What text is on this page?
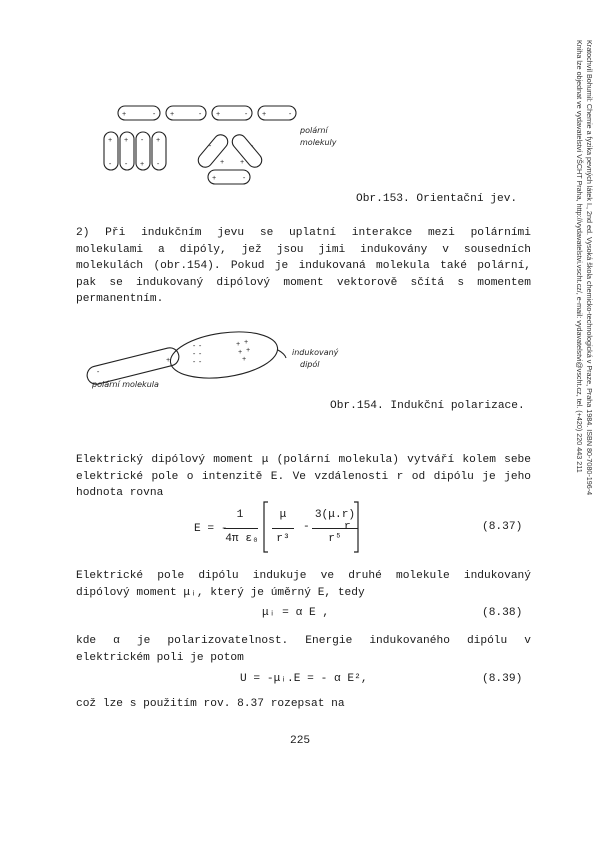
Kratochvíl Bohumil: Chemie a fyzika pevných látek I., 2nd ed. Vysoká škola chemicko-technologická v Praze, Praha 1984. ISBN 80-7080-196-4
Kniha lze objednat ve vydavatelství VŠCHT Praha, http://vydavatelstvi.vscht.cz/, e-mail: vydavatelstvi@vscht.cz, tel. (+420) 220 443 211
+	- +	- +	- +	-
+
-
+
-
-
+
+
-
-
+
-
+
+	-
polární
molekuly
Obr.153. Orientační jev.

2) Při indukčním jevu se uplatní interakce mezi polárními molekulami a dipóly, jež jsou jimi indukovány v sousedních molekulách (obr.154). Pokud je indukovaná molekula také polární, pak se indukovaný dipólový moment vektorově sčítá s momentem permanentním.

- -
- -
- -
+ +
+ +
+
-
+
indukovaný
dipól
polární molekula
Obr.154. Indukční polarizace.

Elektrický dipólový moment μ (polární molekula) vytváří kolem sebe elektrické pole o intenzitě E. Ve vzdálenosti r od dipólu je jeho hodnota rovna

E = -
1
4π ε₀
μ
r³
-
3(μ.r)
r⁵
r	(8.37)

Elektrické pole dipólu indukuje ve druhé molekule indukovaný dipólový moment μᵢ, který je úměrný E, tedy

μᵢ = α E ,	(8.38)

kde α je polarizovatelnost. Energie indukovaného dipólu v elektrickém poli je potom

U = -μᵢ.E = - α E²,	(8.39)

což lze s použitím rov. 8.37 rozepsat na

225
